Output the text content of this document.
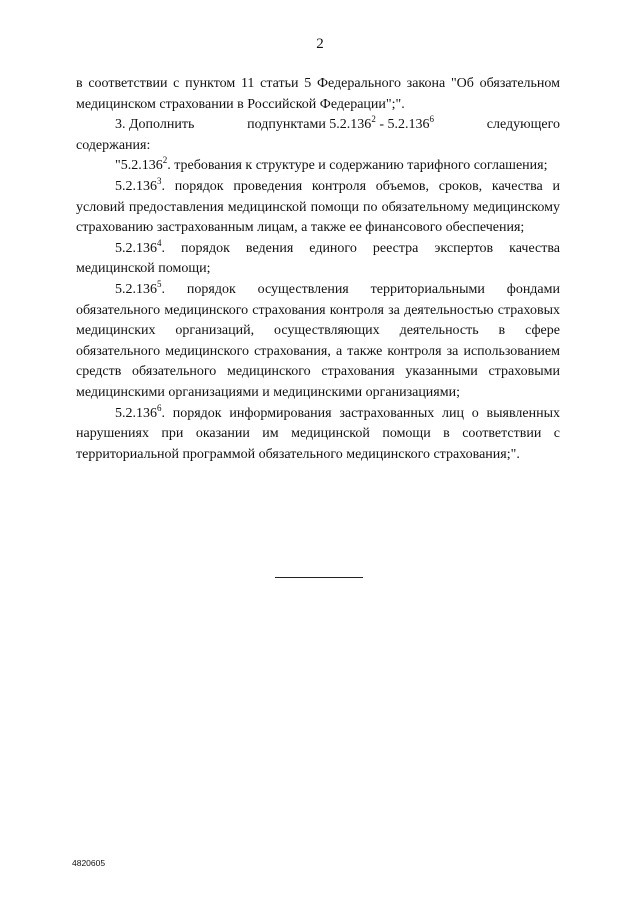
2

в соответствии с пунктом 11 статьи 5 Федерального закона "Об обязательном медицинском страховании в Российской Федерации";".

3. Дополнить	подпунктами 5.2.136$^2$ - 5.2.136$^6$	следующего

содержания:

"5.2.136$^2$. требования к структуре и содержанию тарифного соглашения;

5.2.136$^3$. порядок проведения контроля объемов, сроков, качества и условий предоставления медицинской помощи по обязательному медицинскому страхованию застрахованным лицам, а также ее финансового обеспечения;

5.2.136$^4$. порядок ведения единого реестра экспертов качества медицинской помощи;

5.2.136$^5$. порядок осуществления территориальными фондами обязательного медицинского страхования контроля за деятельностью страховых медицинских организаций, осуществляющих деятельность в сфере обязательного медицинского страхования, а также контроля за использованием средств обязательного медицинского страхования указанными страховыми медицинскими организациями и медицинскими организациями;

5.2.136$^6$. порядок информирования застрахованных лиц о выявленных нарушениях при оказании им медицинской помощи в соответствии с территориальной программой обязательного медицинского страхования;".

4820605
